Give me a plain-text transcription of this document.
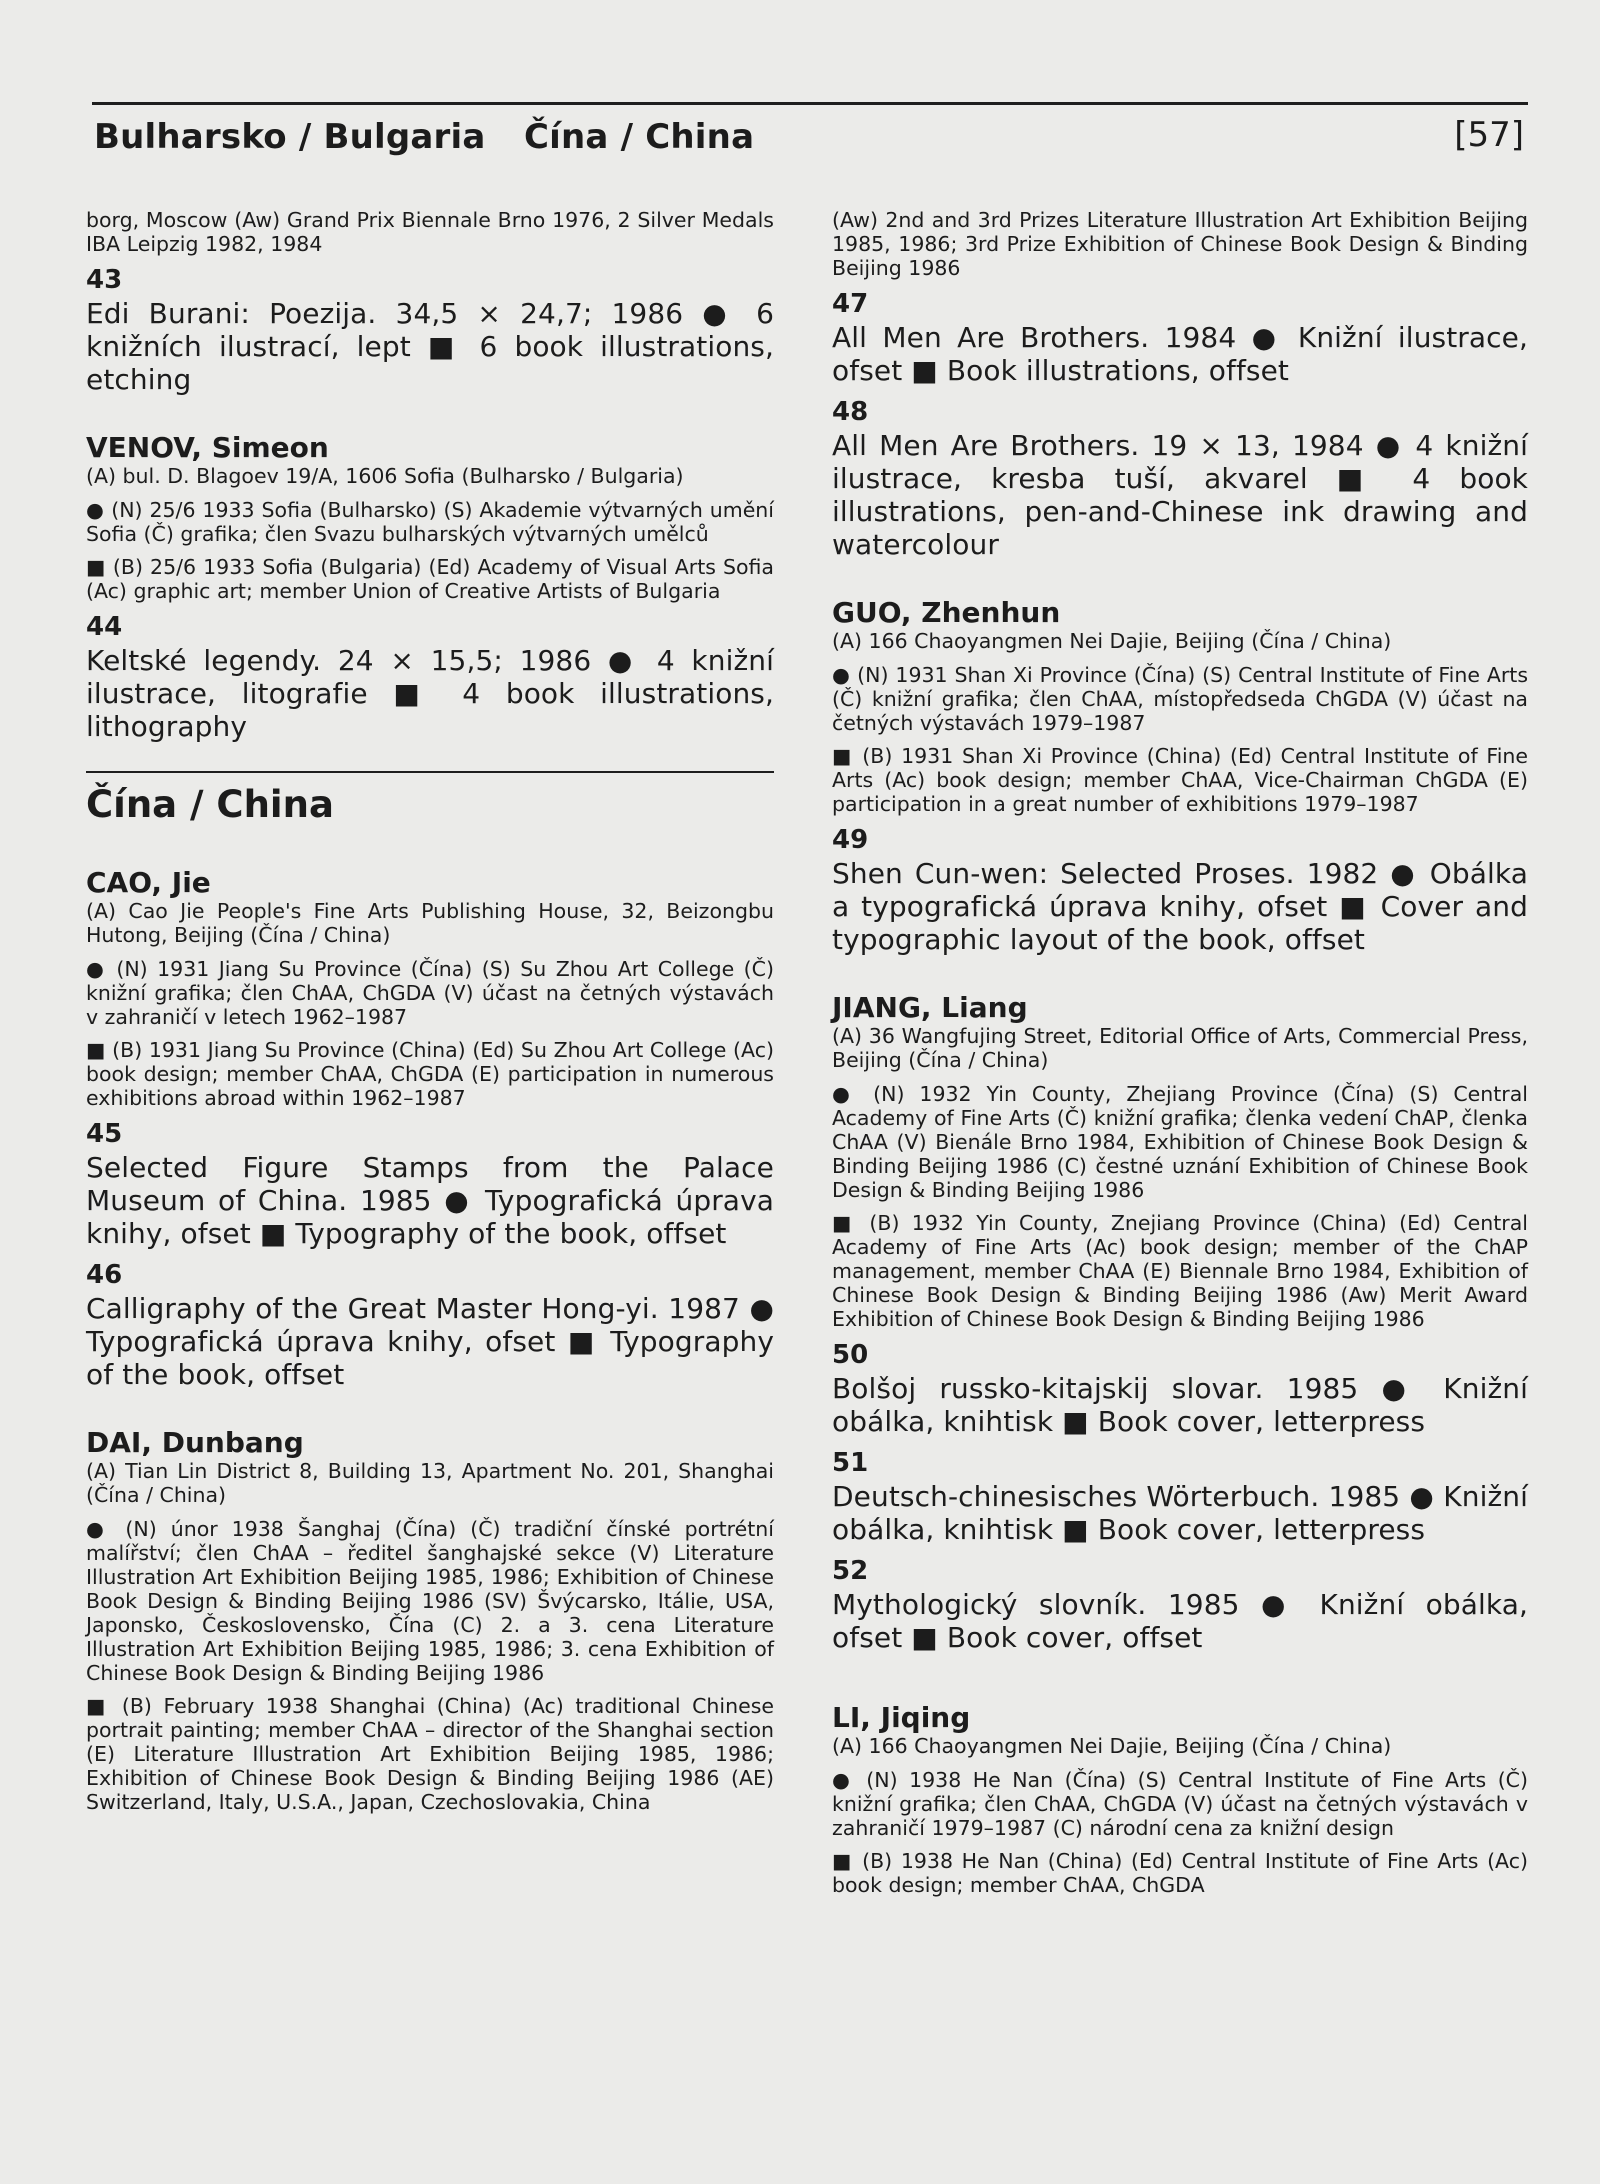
Bulharsko / Bulgaria Čína / China	[57]

borg, Moscow (Aw) Grand Prix Biennale Brno 1976, 2 Silver Medals IBA Leipzig 1982, 1984

43

Edi Burani: Poezija. 34,5 × 24,7; 1986 ● 6 knižních ilustrací, lept ■ 6 book illustrations, etching

VENOV, Simeon

(A) bul. D. Blagoev 19/A, 1606 Sofia (Bulharsko / Bulgaria)

● (N) 25/6 1933 Sofia (Bulharsko) (S) Akademie výtvarných umění Sofia (Č) grafika; člen Svazu bulharských výtvarných umělců

■ (B) 25/6 1933 Sofia (Bulgaria) (Ed) Academy of Visual Arts Sofia (Ac) graphic art; member Union of Creative Artists of Bulgaria

44

Keltské legendy. 24 × 15,5; 1986 ● 4 knižní ilustrace, litografie ■ 4 book illustrations, lithography

Čína / China

CAO, Jie

(A) Cao Jie People's Fine Arts Publishing House, 32, Beizongbu Hutong, Beijing (Čína / China)

● (N) 1931 Jiang Su Province (Čína) (S) Su Zhou Art College (Č) knižní grafika; člen ChAA, ChGDA (V) účast na četných výstavách v zahraničí v letech 1962–1987

■ (B) 1931 Jiang Su Province (China) (Ed) Su Zhou Art College (Ac) book design; member ChAA, ChGDA (E) participation in numerous exhibitions abroad within 1962–1987

45

Selected Figure Stamps from the Palace Museum of China. 1985 ● Typografická úprava knihy, ofset ■ Typography of the book, offset

46

Calligraphy of the Great Master Hong-yi. 1987 ● Typografická úprava knihy, ofset ■ Typography of the book, offset

DAI, Dunbang

(A) Tian Lin District 8, Building 13, Apartment No. 201, Shanghai (Čína / China)

● (N) únor 1938 Šanghaj (Čína) (Č) tradiční čínské portrétní malířství; člen ChAA – ředitel šanghajské sekce (V) Literature Illustration Art Exhibition Beijing 1985, 1986; Exhibition of Chinese Book Design & Binding Beijing 1986 (SV) Švýcarsko, Itálie, USA, Japonsko, Československo, Čína (C) 2. a 3. cena Literature Illustration Art Exhibition Beijing 1985, 1986; 3. cena Exhibition of Chinese Book Design & Binding Beijing 1986

■ (B) February 1938 Shanghai (China) (Ac) traditional Chinese portrait painting; member ChAA – director of the Shanghai section (E) Literature Illustration Art Exhibition Beijing 1985, 1986; Exhibition of Chinese Book Design & Binding Beijing 1986 (AE) Switzerland, Italy, U.S.A., Japan, Czechoslovakia, China

(Aw) 2nd and 3rd Prizes Literature Illustration Art Exhibition Beijing 1985, 1986; 3rd Prize Exhibition of Chinese Book Design & Binding Beijing 1986

47

All Men Are Brothers. 1984 ● Knižní ilustrace, ofset ■ Book illustrations, offset

48

All Men Are Brothers. 19 × 13, 1984 ● 4 knižní ilustrace, kresba tuší, akvarel ■ 4 book illustrations, pen-and-Chinese ink drawing and watercolour

GUO, Zhenhun

(A) 166 Chaoyangmen Nei Dajie, Beijing (Čína / China)

● (N) 1931 Shan Xi Province (Čína) (S) Central Institute of Fine Arts (Č) knižní grafika; člen ChAA, místopředseda ChGDA (V) účast na četných výstavách 1979–1987

■ (B) 1931 Shan Xi Province (China) (Ed) Central Institute of Fine Arts (Ac) book design; member ChAA, Vice-Chairman ChGDA (E) participation in a great number of exhibitions 1979–1987

49

Shen Cun-wen: Selected Proses. 1982 ● Obálka a typografická úprava knihy, ofset ■ Cover and typographic layout of the book, offset

JIANG, Liang

(A) 36 Wangfujing Street, Editorial Office of Arts, Commercial Press, Beijing (Čína / China)

● (N) 1932 Yin County, Zhejiang Province (Čína) (S) Central Academy of Fine Arts (Č) knižní grafika; členka vedení ChAP, členka ChAA (V) Bienále Brno 1984, Exhibition of Chinese Book Design & Binding Beijing 1986 (C) čestné uznání Exhibition of Chinese Book Design & Binding Beijing 1986

■ (B) 1932 Yin County, Znejiang Province (China) (Ed) Central Academy of Fine Arts (Ac) book design; member of the ChAP management, member ChAA (E) Biennale Brno 1984, Exhibition of Chinese Book Design & Binding Beijing 1986 (Aw) Merit Award Exhibition of Chinese Book Design & Binding Beijing 1986

50

Bolšoj russko-kitajskij slovar. 1985 ● Knižní obálka, knihtisk ■ Book cover, letterpress

51

Deutsch-chinesisches Wörterbuch. 1985 ● Knižní obálka, knihtisk ■ Book cover, letterpress

52

Mythologický slovník. 1985 ● Knižní obálka, ofset ■ Book cover, offset

LI, Jiqing

(A) 166 Chaoyangmen Nei Dajie, Beijing (Čína / China)

● (N) 1938 He Nan (Čína) (S) Central Institute of Fine Arts (Č) knižní grafika; člen ChAA, ChGDA (V) účast na četných výstavách v zahraničí 1979–1987 (C) národní cena za knižní design

■ (B) 1938 He Nan (China) (Ed) Central Institute of Fine Arts (Ac) book design; member ChAA, ChGDA
